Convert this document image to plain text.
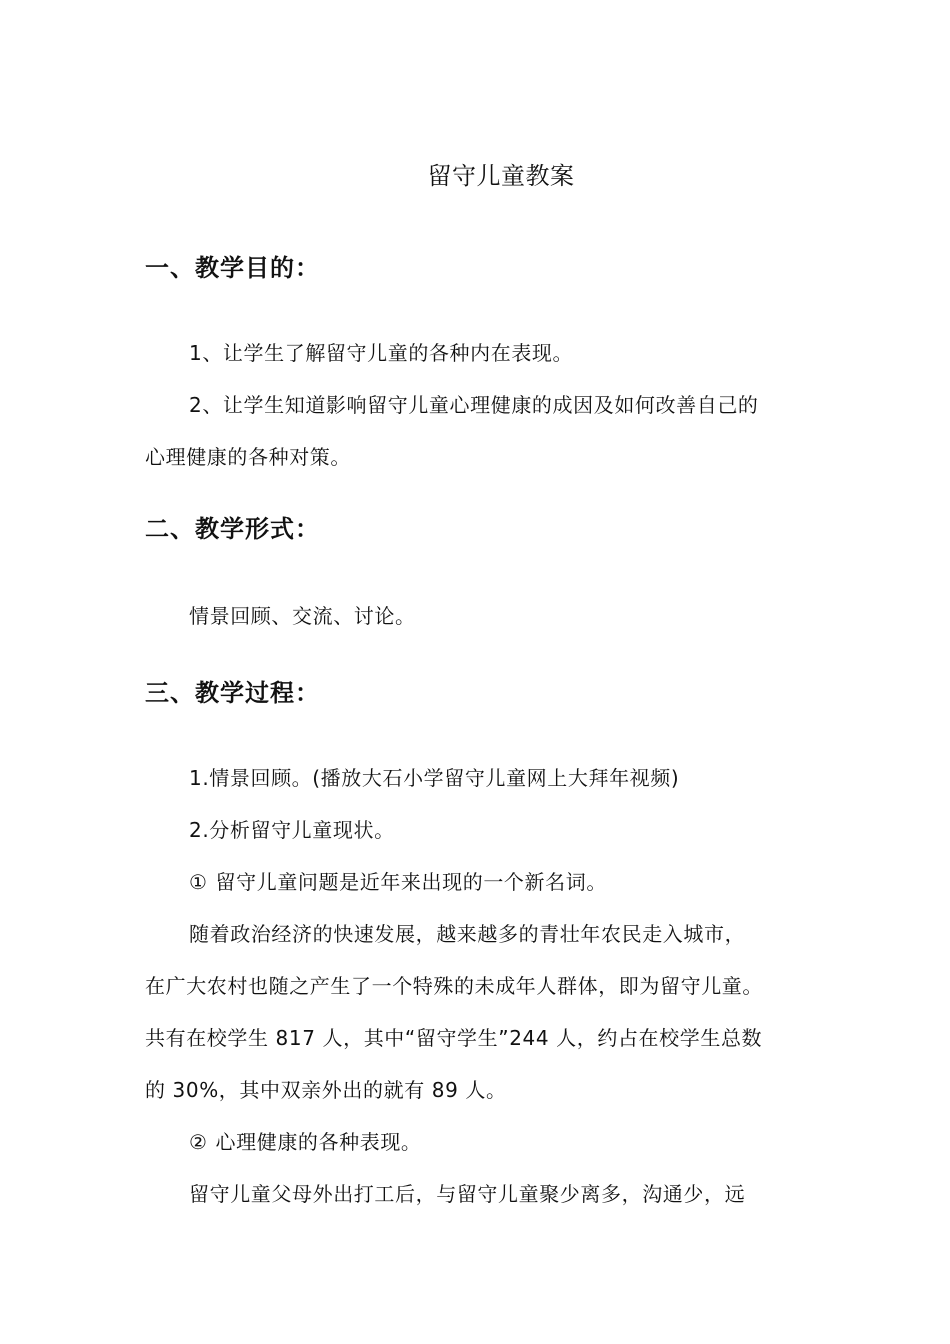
留守儿童教案
一、教学目的：
1、让学生了解留守儿童的各种内在表现。
2、让学生知道影响留守儿童心理健康的成因及如何改善自己的
心理健康的各种对策。
二、教学形式：
情景回顾、交流、讨论。
三、教学过程：
1.情景回顾。(播放大石小学留守儿童网上大拜年视频)
2.分析留守儿童现状。
① 留守儿童问题是近年来出现的一个新名词。
随着政治经济的快速发展，越来越多的青壮年农民走入城市，
在广大农村也随之产生了一个特殊的未成年人群体，即为留守儿童。
共有在校学生 817 人，其中“留守学生”244 人，约占在校学生总数
的 30%，其中双亲外出的就有 89 人。
② 心理健康的各种表现。
留守儿童父母外出打工后，与留守儿童聚少离多，沟通少，远
